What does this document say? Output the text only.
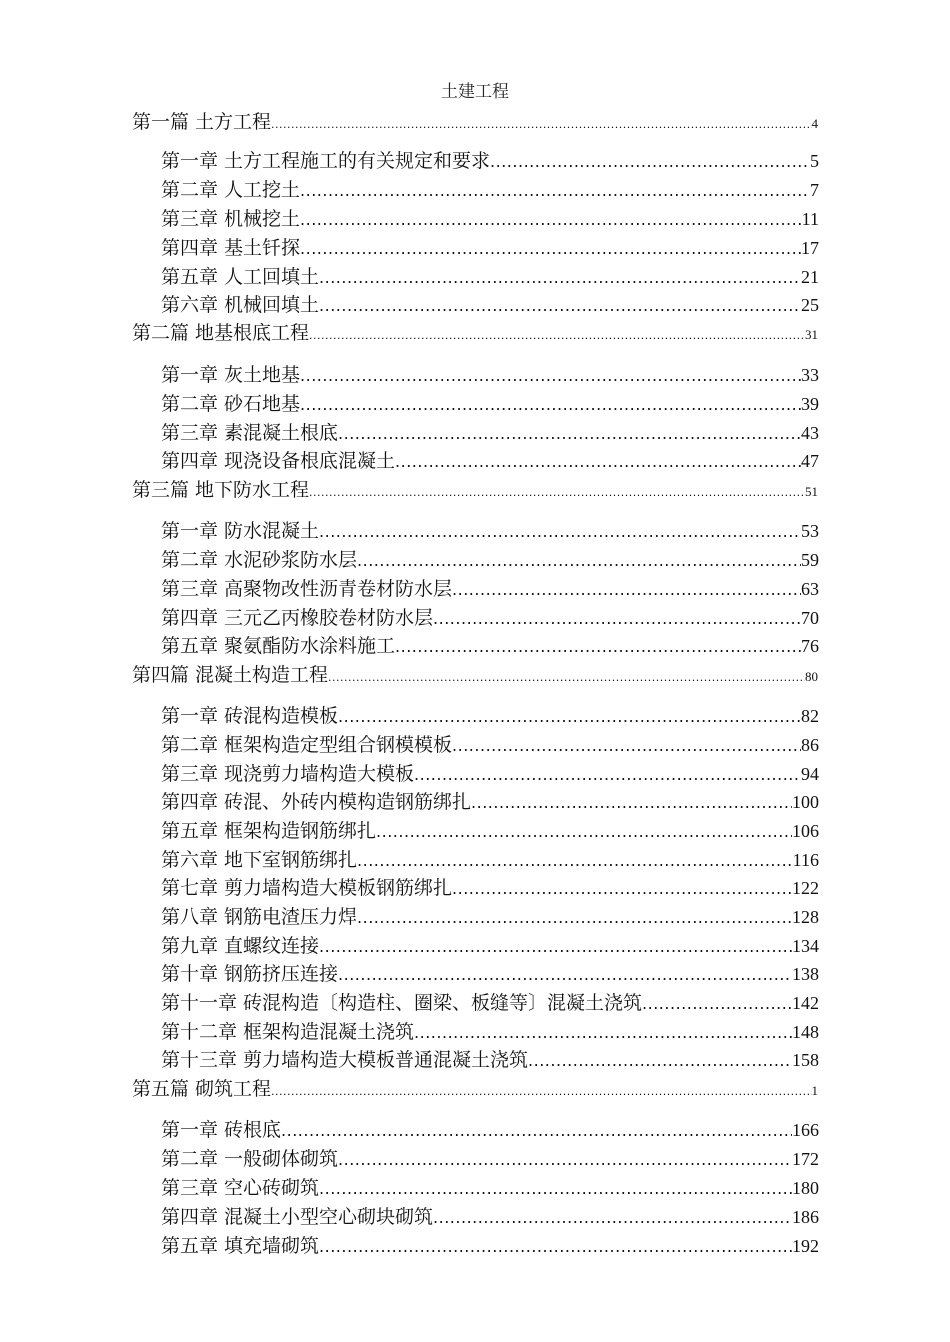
土建工程
第一篇 土方工程 .....	4
第一章 土方工程施工的有关规定和要求 .....	5
第二章 人工挖土 .....	7
第三章 机械挖土 .....	11
第四章 基土钎探 .....	17
第五章 人工回填土 .....	21
第六章 机械回填土 .....	25
第二篇 地基根底工程 .....	31
第一章 灰土地基 .....	33
第二章 砂石地基 .....	39
第三章 素混凝土根底 .....	43
第四章 现浇设备根底混凝土 .....	47
第三篇 地下防水工程 .....	51
第一章 防水混凝土 .....	53
第二章 水泥砂浆防水层 .....	59
第三章 高聚物改性沥青卷材防水层 .....	63
第四章 三元乙丙橡胶卷材防水层 .....	70
第五章 聚氨酯防水涂料施工 .....	76
第四篇 混凝土构造工程 .....	80
第一章 砖混构造模板 .....	82
第二章 框架构造定型组合钢模模板 .....	86
第三章 现浇剪力墙构造大模板 .....	94
第四章 砖混、外砖内模构造钢筋绑扎 .....	100
第五章 框架构造钢筋绑扎 .....	106
第六章 地下室钢筋绑扎 .....	116
第七章 剪力墙构造大模板钢筋绑扎 .....	122
第八章 钢筋电渣压力焊 .....	128
第九章 直螺纹连接 .....	134
第十章 钢筋挤压连接 .....	138
第十一章 砖混构造〔构造柱、圈梁、板缝等〕混凝土浇筑 .....	142
第十二章 框架构造混凝土浇筑 .....	148
第十三章 剪力墙构造大模板普通混凝土浇筑 .....	158
第五篇 砌筑工程 .....	1
第一章 砖根底 .....	166
第二章 一般砌体砌筑 .....	172
第三章 空心砖砌筑 .....	180
第四章 混凝土小型空心砌块砌筑 .....	186
第五章 填充墙砌筑 .....	192
